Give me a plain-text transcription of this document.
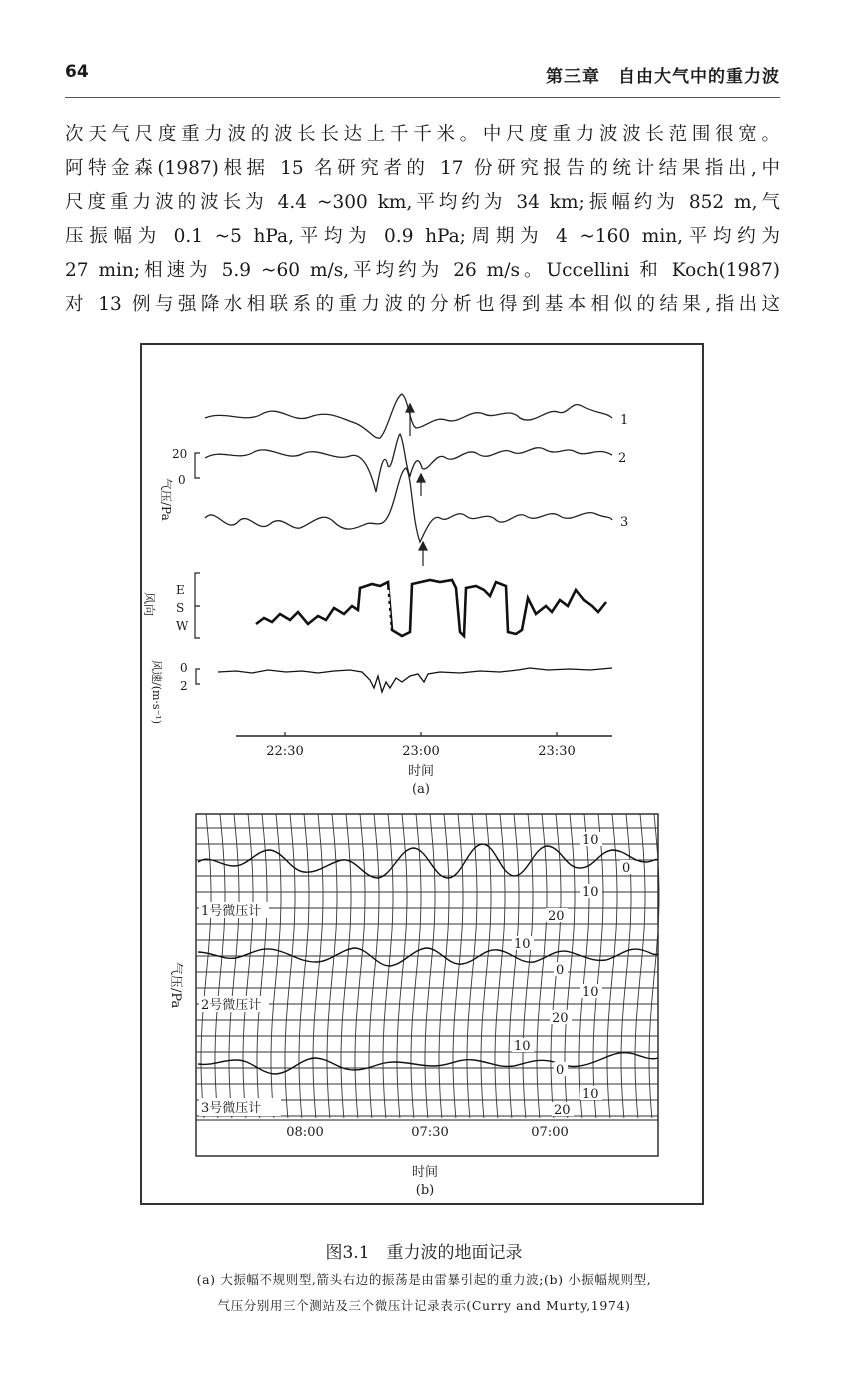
64	第三章　自由大气中的重力波
次天气尺度重力波的波长长达上千千米。中尺度重力波波长范围很宽。
阿特金森(1987)根据 15 名研究者的 17 份研究报告的统计结果指出,中
尺度重力波的波长为 4.4 ~300 km,平均约为 34 km;振幅约为 852 m,气
压振幅为 0.1 ~5 hPa,平均为 0.9 hPa;周期为 4 ~160 min,平均约为
27 min;相速为 5.9 ~60 m/s,平均约为 26 m/s。Uccellini 和 Koch(1987)
对 13 例与强降水相联系的重力波的分析也得到基本相似的结果,指出这
1
2
3
气压/Pa
20
0
风向
E
S
W
风速/(m·s⁻¹) 0
2
22:30	23:00	23:30
时间
(a)
1号微压计
2号微压计
3号微压计
10
0
10
20
10
0
10
20
10
0
10
20
08:00	07:30	07:00
气压/Pa
时间
(b)
图3.1　重力波的地面记录
(a) 大振幅不规则型,箭头右边的振荡是由雷暴引起的重力波;(b) 小振幅规则型,
气压分别用三个测站及三个微压计记录表示(Curry and Murty,1974)
